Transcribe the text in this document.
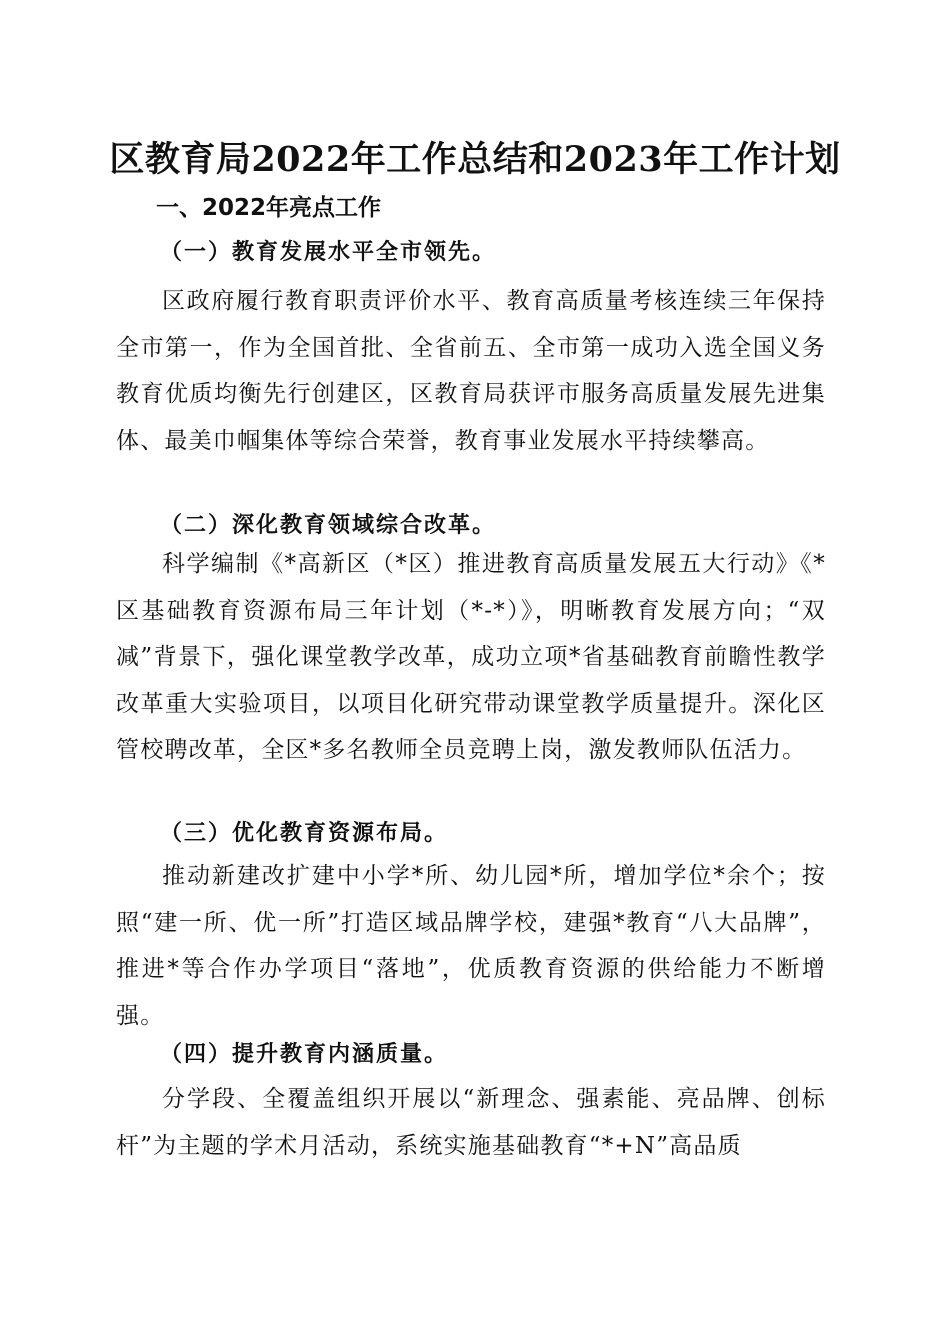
区教育局2022年工作总结和2023年工作计划
一、2022年亮点工作
（一）教育发展水平全市领先。
区政府履行教育职责评价水平、教育高质量考核连续三年保持全市第一，作为全国首批、全省前五、全市第一成功入选全国义务教育优质均衡先行创建区，区教育局获评市服务高质量发展先进集体、最美巾帼集体等综合荣誉，教育事业发展水平持续攀高。
（二）深化教育领域综合改革。
科学编制《*高新区（*区）推进教育高质量发展五大行动》《*区基础教育资源布局三年计划（*-*）》，明晰教育发展方向；“双减”背景下，强化课堂教学改革，成功立项*省基础教育前瞻性教学改革重大实验项目，以项目化研究带动课堂教学质量提升。深化区管校聘改革，全区*多名教师全员竞聘上岗，激发教师队伍活力。
（三）优化教育资源布局。
推动新建改扩建中小学*所、幼儿园*所，增加学位*余个；按照“建一所、优一所”打造区域品牌学校，建强*教育“八大品牌”，推进*等合作办学项目“落地”，优质教育资源的供给能力不断增强。
（四）提升教育内涵质量。
分学段、全覆盖组织开展以“新理念、强素能、亮品牌、创标杆”为主题的学术月活动，系统实施基础教育“*+N”高品质
